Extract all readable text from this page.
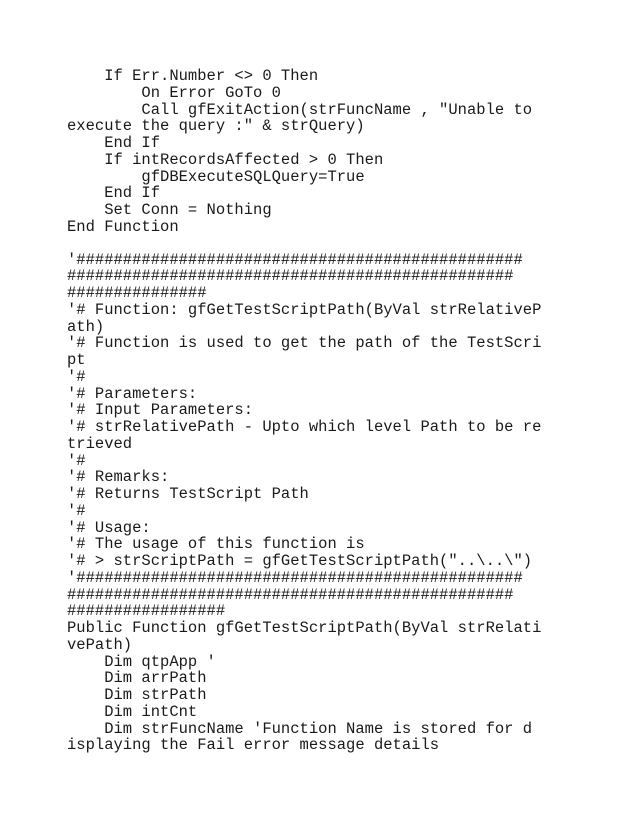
If Err.Number <> 0 Then
On Error GoTo 0
Call gfExitAction(strFuncName , "Unable to
execute the query :" & strQuery)
End If
If intRecordsAffected > 0 Then
gfDBExecuteSQLQuery=True
End If
Set Conn = Nothing
End Function
'################################################
################################################
###############
'# Function: gfGetTestScriptPath(ByVal strRelativeP
ath)
'# Function is used to get the path of the TestScri
pt
'#
'# Parameters:
'# Input Parameters:
'# strRelativePath - Upto which level Path to be re
trieved
'#
'# Remarks:
'# Returns TestScript Path
'#
'# Usage:
'# The usage of this function is
'# > strScriptPath = gfGetTestScriptPath("..\..\")
'################################################
################################################
#################
Public Function gfGetTestScriptPath(ByVal strRelati
vePath)
Dim qtpApp '
Dim arrPath
Dim strPath
Dim intCnt
Dim strFuncName 'Function Name is stored for d
isplaying the Fail error message details
